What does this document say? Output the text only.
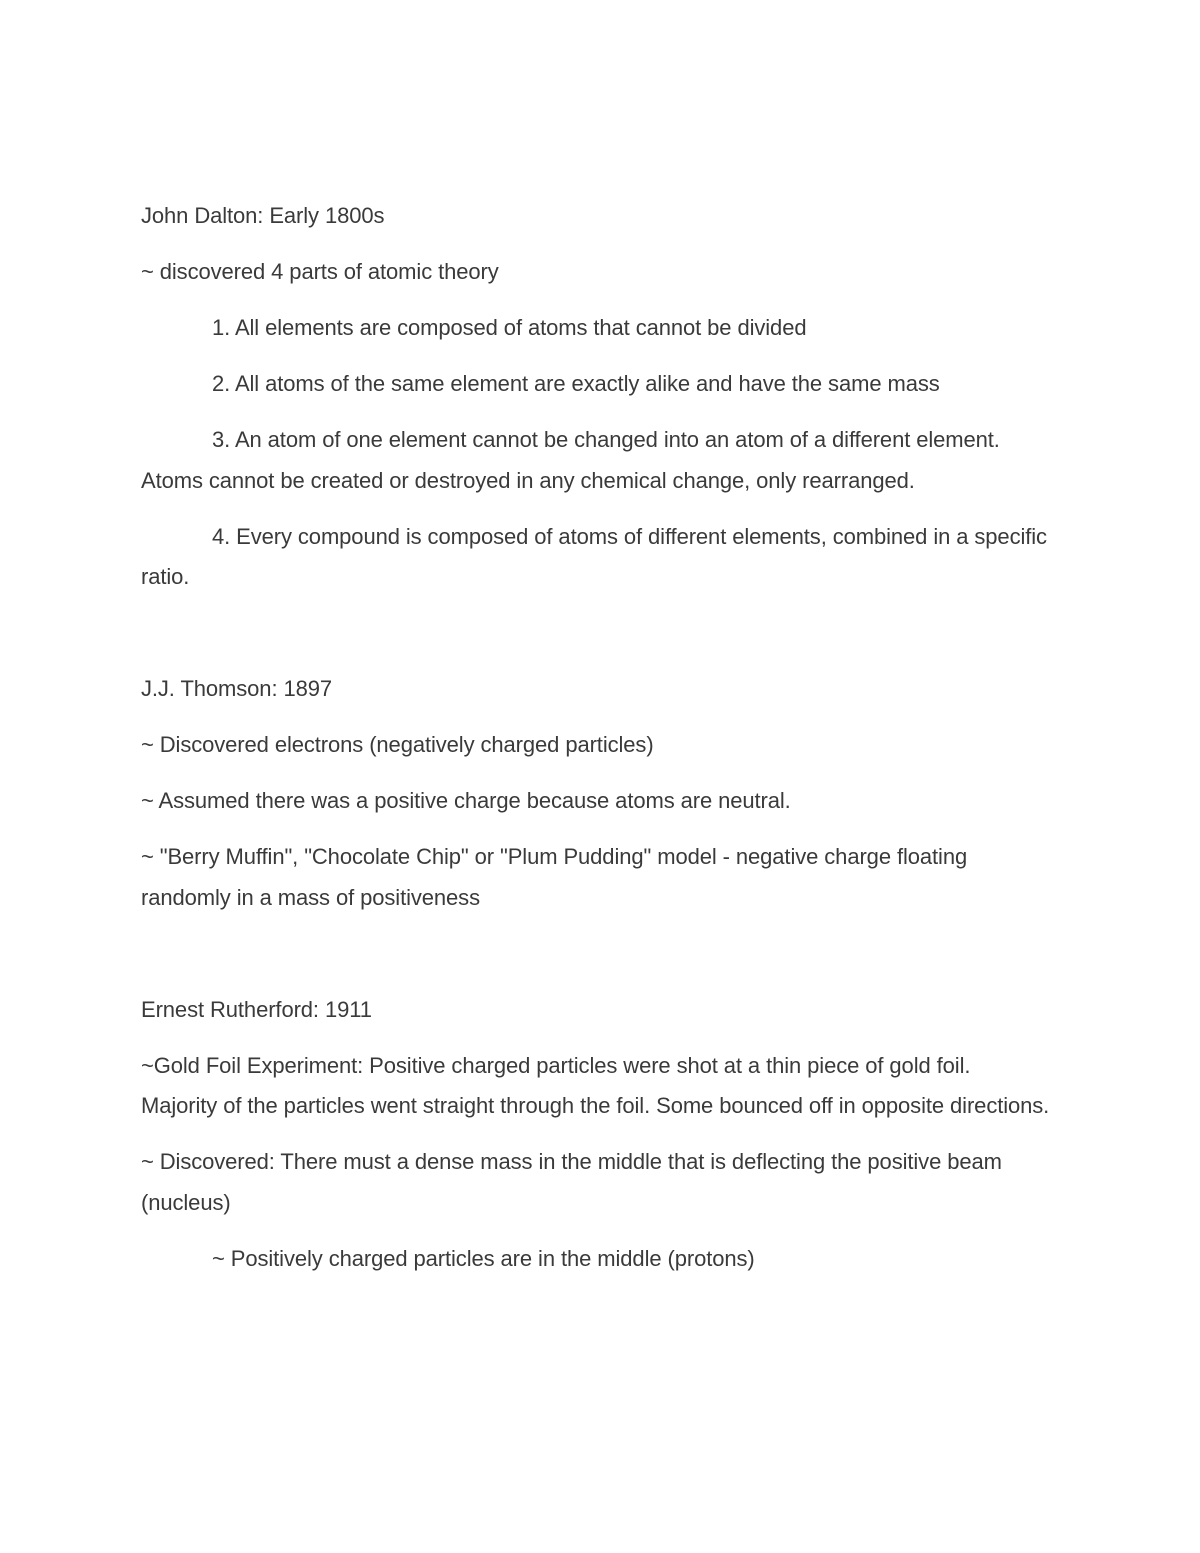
John Dalton: Early 1800s
~ discovered 4 parts of atomic theory
1. All elements are composed of atoms that cannot be divided
2. All atoms of the same element are exactly alike and have the same mass
3. An atom of one element cannot be changed into an atom of a different element. Atoms cannot be created or destroyed in any chemical change, only rearranged.
4. Every compound is composed of atoms of different elements, combined in a specific ratio.
J.J. Thomson: 1897
~ Discovered electrons (negatively charged particles)
~ Assumed there was a positive charge because atoms are neutral.
~ "Berry Muffin", "Chocolate Chip" or "Plum Pudding" model - negative charge floating randomly in a mass of positiveness
Ernest Rutherford: 1911
~Gold Foil Experiment: Positive charged particles were shot at a thin piece of gold foil. Majority of the particles went straight through the foil. Some bounced off in opposite directions.
~ Discovered: There must a dense mass in the middle that is deflecting the positive beam (nucleus)
~ Positively charged particles are in the middle (protons)
